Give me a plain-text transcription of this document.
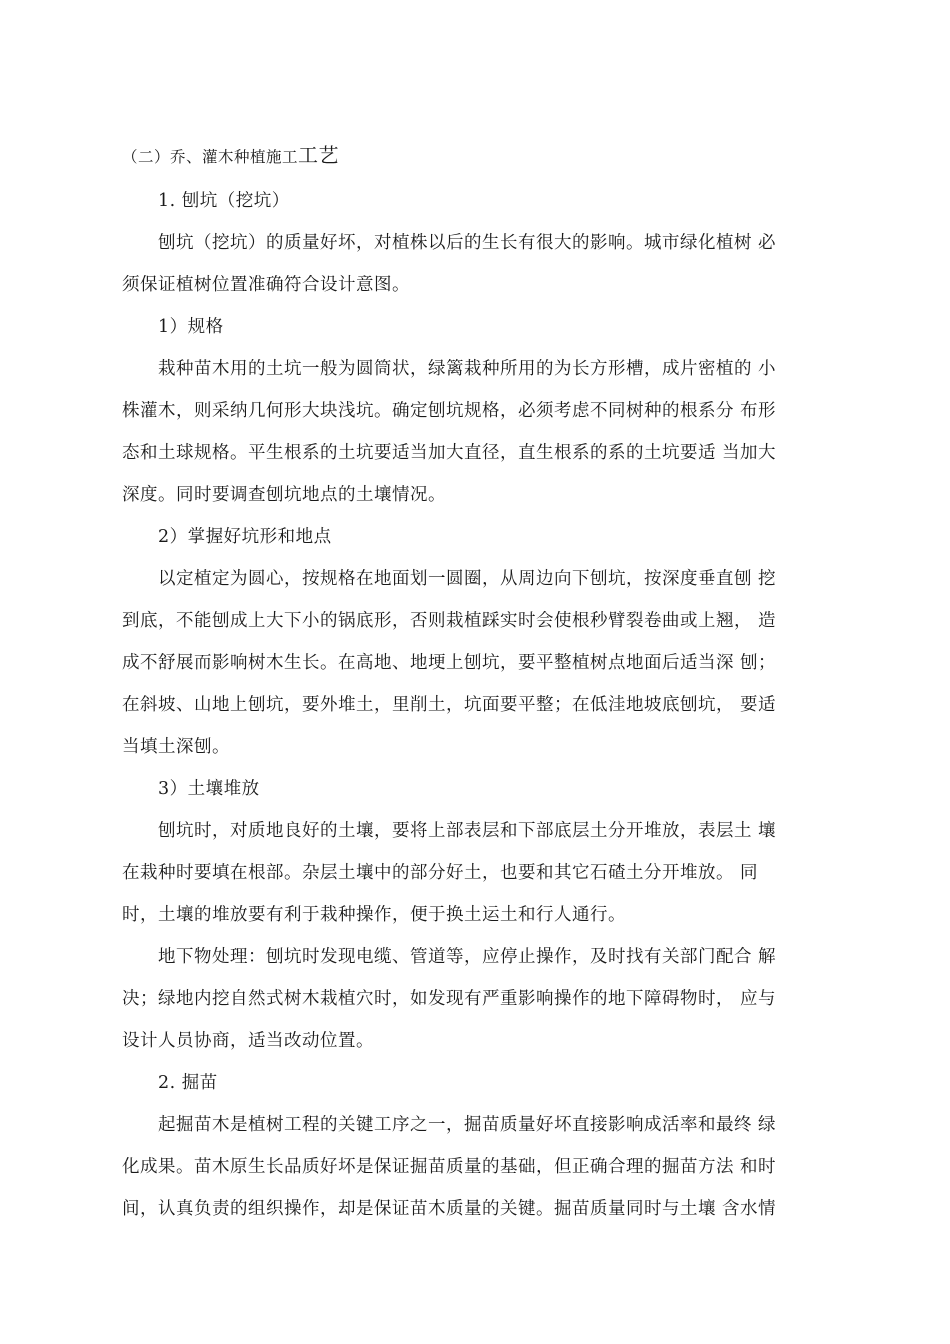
（二）乔、灌木种植施工工艺
1. 刨坑（挖坑）
刨坑（挖坑）的质量好坏，对植株以后的生长有很大的影响。城市绿化植树 必
须保证植树位置准确符合设计意图。
1）规格
栽种苗木用的土坑一般为圆筒状，绿篱栽种所用的为长方形槽，成片密植的 小
株灌木，则采纳几何形大块浅坑。确定刨坑规格，必须考虑不同树种的根系分 布形
态和土球规格。平生根系的土坑要适当加大直径，直生根系的系的土坑要适 当加大
深度。同时要调查刨坑地点的土壤情况。
2）掌握好坑形和地点
以定植定为圆心，按规格在地面划一圆圈，从周边向下刨坑，按深度垂直刨 挖
到底，不能刨成上大下小的锅底形，否则栽植踩实时会使根秒臂裂卷曲或上翘， 造
成不舒展而影响树木生长。在高地、地埂上刨坑，要平整植树点地面后适当深 刨；
在斜坡、山地上刨坑，要外堆土，里削土，坑面要平整；在低洼地坡底刨坑， 要适
当填土深刨。
3）土壤堆放
刨坑时，对质地良好的土壤，要将上部表层和下部底层土分开堆放，表层土 壤
在栽种时要填在根部。杂层土壤中的部分好土，也要和其它石碴土分开堆放。 同
时，土壤的堆放要有利于栽种操作，便于换土运土和行人通行。
地下物处理：刨坑时发现电缆、管道等，应停止操作，及时找有关部门配合 解
决；绿地内挖自然式树木栽植穴时，如发现有严重影响操作的地下障碍物时， 应与
设计人员协商，适当改动位置。
2. 掘苗
起掘苗木是植树工程的关键工序之一，掘苗质量好坏直接影响成活率和最终 绿
化成果。苗木原生长品质好坏是保证掘苗质量的基础，但正确合理的掘苗方法 和时
间，认真负责的组织操作，却是保证苗木质量的关键。掘苗质量同时与土壤 含水情
